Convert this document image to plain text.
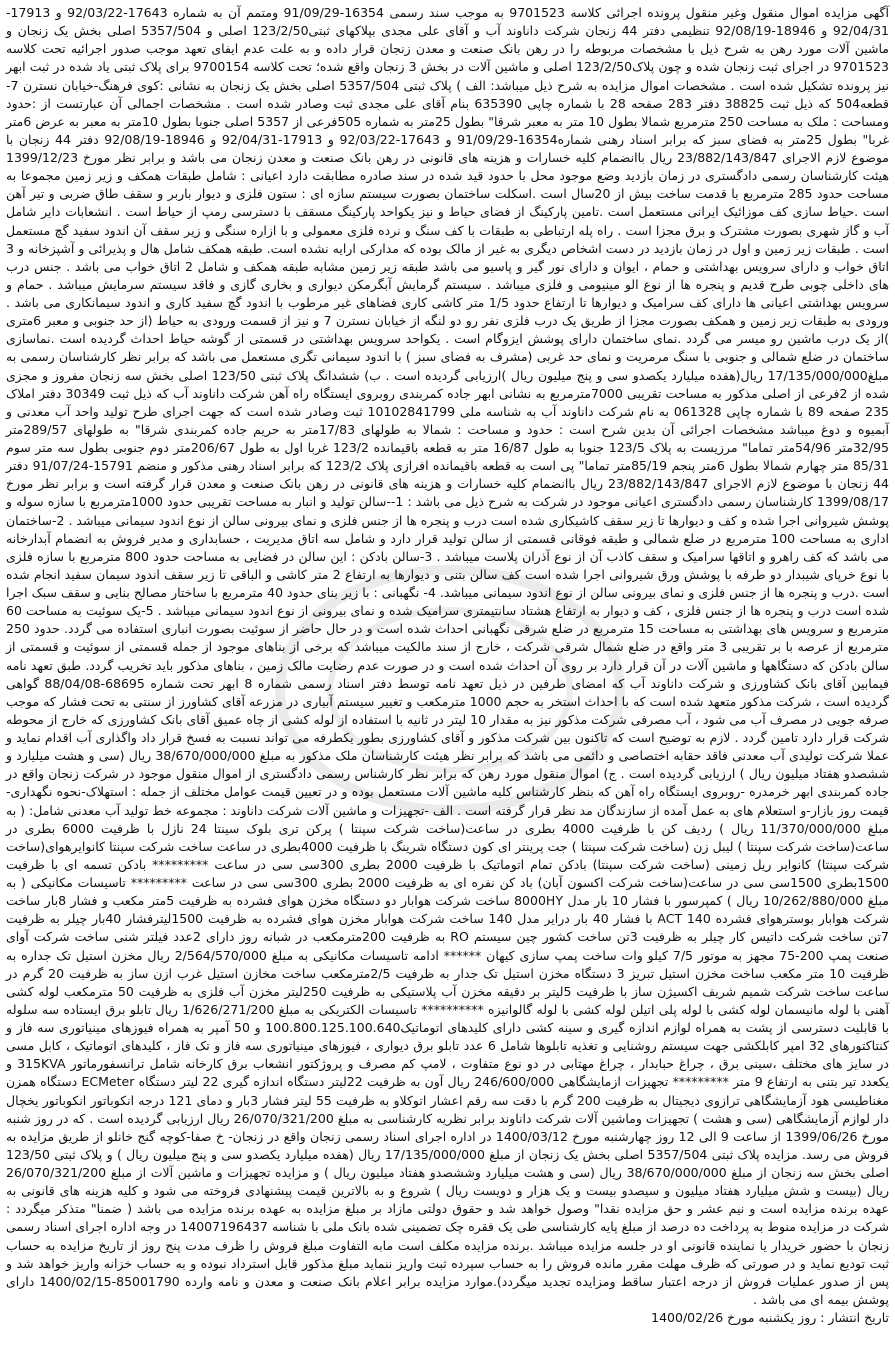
آگهی مزایده اموال منقول وغیر منقول پرونده اجرائی کلاسه 9701523 به موجب سند رسمی 16354-91/09/29 ومتمم آن به شماره 17643-92/03/22 و 17913-92/04/31 و 18946-92/08/19 تنظیمی دفتر 44 زنجان شرکت داناوند آب و آقای علی مجدی بپلاکهای ثبتی123/2/50 اصلی و 5357/504 اصلی بخش یک زنجان و ماشین آلات مورد رهن به شرح ذیل با مشخصات مربوطه را در رهن بانک صنعت و معدن زنجان قرار داده و به علت عدم ایفای تعهد موجب صدور اجرائیه تحت کلاسه 9701523 در اجرای ثبت زنجان شده و چون پلاک123/2/50 اصلی و ماشین آلات در بخش 3 زنجان واقع شده؛ تحت کلاسه 9700154 برای پلاک ثبتی یاد شده در ثبت ابهر نیز پرونده تشکیل شده است . مشخصات اموال مزایده به شرح ذیل میباشد: الف ) پلاک ثبتی 5357/504 اصلی بخش یک زنجان به نشانی :کوی فرهنگ-خیابان نسترن 7-قطعه504 که ذیل ثبت 38825 دفتر 283 صفحه 28 با شماره چاپی 635390 بنام آقای علی مجدی ثبت وصادر شده است . مشخصات اجمالی آن عبارتست از :حدود ومساحت : ملک به مساحت 250 مترمربع شمالا بطول 10 متر به معبر شرقا" بطول 25متر به شماره 505فرعی از 5357 اصلی جنوبا بطول 10متر به معبر به عرض 6متر غربا" بطول 25متر به فضای سبز که برابر اسناد رهنی شماره16354-91/09/29 و 17643-92/03/22 و 17913-92/04/31 و 18946-92/08/19 دفتر 44 زنجان با موضوع لازم الاجرای 23/882/143/847 ریال باانضمام کلیه خسارات و هزینه های قانونی در رهن بانک صنعت و معدن زنجان می باشد و برابر نظر مورخ 1399/12/23 هیئت کارشناسان رسمی دادگستری در زمان بازدید وضع موجود محل با حدود قید شده در سند صادره مطابقت دارد اعیانی : شامل طبقات همکف و زیر زمین مجموعا به مساحت حدود 285 مترمربع با قدمت ساخت بیش از 20سال است .اسکلت ساختمان بصورت سیستم سازه ای : ستون فلزی و دیوار باربر و سقف طاق ضربی و تیر آهن است .حیاط سازی کف موزائیک ایرانی مستعمل است .تامین پارکینگ از فضای حیاط و نیز یکواحد پارکینگ مسقف با دسترسی رمپ از حیاط است . انشعابات دایر شامل آب و گاز شهری بصورت مشترک و برق مجزا است . راه پله ارتباطی به طبقات با کف سنگ و نرده فلزی معمولی و با ازاره سنگی و زیر سقف آن اندود سفید گچ مستعمل است . طبقات زیر زمین و اول در زمان بازدید در دست اشخاص دیگری به غیر از مالک بوده که مدارکی ارایه نشده است. طبقه همکف شامل هال و پذیرائی و آشپزخانه و 3 اتاق خواب و دارای سرویس بهداشتی و حمام ، ایوان و دارای نور گیر و پاسیو می باشد طبقه زیر زمین مشابه طبقه همکف و شامل 2 اتاق خواب می باشد . جنس درب های داخلی چوبی طرح قدیم و پنجره ها از نوع الو مینیومی و فلزی میباشد . سیستم گرمایش آبگرمکن دیواری و بخاری گازی و فاقد سیستم سرمایش میباشد . حمام و سرویس بهداشتی اعیانی ها دارای کف سرامیک و دیوارها تا ارتفاع حدود 1/5 متر کاشی کاری فضاهای غیر مرطوب با اندود گچ سفید کاری و اندود سیمانکاری می باشد . ورودی به طبقات زیر زمین و همکف بصورت مجزا از طریق یک درب فلزی نفر رو دو لنگه از خیابان نسترن 7 و نیز از قسمت ورودی به حیاط (از حد جنوبی و معبر 6متری )از یک درب ماشین رو میسر می گردد .نمای ساختمان دارای پوشش ایزوگام است . یکواحد سرویس بهداشتی در قسمتی از گوشه حیاط احداث گردیده است .نماسازی ساختمان در ضلع شمالی و جنوبی با سنگ مرمریت و نمای حد غربی (مشرف به فضای سبز ) با اندود سیمانی تگری مستعمل می باشد که برابر نظر کارشناسان رسمی به مبلغ17/135/000/000 ریال(هفده میلیارد یکصدو سی و پنج میلیون ریال )ارزیابی گردیده است . ب) ششدانگ پلاک ثبتی 123/50 اصلی بخش سه زنجان مفروز و مجزی شده از 2فرعی از اصلی مذکور به مساحت تقریبی 7000مترمربع به نشانی ابهر جاده کمربندی روبروی ایستگاه راه آهن شرکت داناوند آب که ذیل ثبت 30349 دفتر املاک 235 صفحه 89 با شماره چاپی 061328 به نام شرکت داناوند آب به شناسه ملی 10102841799 ثبت وصادر شده است که جهت اجرای طرح تولید واحد آب معدنی و آبمیوه و دوغ میباشد مشخصات اجرائی آن بدین شرح است : حدود و مساحت : شمالا به طولهای 17/83متر به حریم جاده کمربندی شرقا" به طولهای 289/57متر 32/95متر 54/96متر تماما" مرزیست به پلاک 123/5 جنوبا به طول 16/87 متر به قطعه باقیمانده 123/2 غربا اول به طول 206/67متر دوم جنوبی بطول سه متر سوم 85/31 متر چهارم شمالا بطول 6متر پنجم 85/19متر تماما" پی است به قطعه باقیمانده افرازی پلاک 123/2 که برابر اسناد رهنی مذکور و منضم 15791-91/07/24 دفتر 44 زنجان با موضوع لازم الاجرای 23/882/143/847 ریال باانضمام کلیه خسارات و هزینه های قانونی در رهن بانک صنعت و معدن قرار گرفته است و برابر نظر مورخ 1399/08/17 کارشناسان رسمی دادگستری اعیانی موجود در شرکت به شرح ذیل می باشد : 1--سالن تولید و انبار به مساحت تقریبی حدود 1000مترمربع با سازه سوله و پوشش شیروانی اجرا شده و کف و دیوارها تا زیر سقف کاشیکاری شده است درب و پنجره ها از جنس فلزی و نمای بیرونی سالن از نوع اندود سیمانی میباشد . 2-ساختمان اداری به مساحت 100 مترمربع در ضلع شمالی و طبقه فوقانی قسمتی از سالن تولید قرار دارد و شامل سه اتاق مدیریت ، حسابداری و مدیر فروش به انضمام آبدارخانه می باشد که کف راهرو و اتاقها سرامیک و سقف کاذب آن از نوع آذران پلاست میباشد . 3-سالن بادکن : این سالن در فضایی به مساحت حدود 800 مترمربع با سازه فلزی با نوع خرپای شیبدار دو طرفه با پوشش ورق شیروانی اجرا شده است کف سالن بتنی و دیوارها به ارتفاع 2 متر کاشی و الباقی تا زیر سقف اندود سیمان سفید انجام شده است .درب و پنجره ها از جنس فلزی و نمای بیرونی سالن از نوع اندود سیمانی میباشد. 4- نگهبانی : با زیر بنای حدود 40 مترمربع با ساختار مصالح بنایی و سقف سبک اجرا شده است درب و پنجره ها از جنس فلزی ، کف و دیوار به ارتفاع هشتاد سانتیمتری سرامیک شده و نمای بیرونی از نوع اندود سیمانی میباشد . 5-یک سوئیت به مساحت 60 مترمربع و سرویس های بهداشتی به مساحت 15 مترمربع در ضلع شرقی نگهبانی احداث شده است و در حال حاضر از سوئیت بصورت انباری استفاده می گردد. حدود 250 مترمربع از عرصه با بر تقریبی 3 متر واقع در ضلع شمال شرقی شرکت ، خارج از سند مالکیت میباشد که برخی از بناهای موجود از جمله قسمتی از سوئیت و قسمتی از سالن بادکن که دستگاهها و ماشین آلات در آن قرار دارد بر روی آن احداث شده است و در صورت عدم رضایت مالک زمین ، بناهای مذکور باید تخریب گردد. طبق تعهد نامه فیمابین آقای بانک کشاورزی و شرکت داناوند آب که امضای طرفین در ذیل تعهد نامه توسط دفتر اسناد رسمی شماره 8 ابهر تحت شماره 68695-88/04/08 گواهی گردیده است ، شرکت مذکور متعهد شده است که با احداث استخر به حجم 1000 مترمکعب و تغییر سیستم آبیاری در مزرعه آقای کشاورز از سنتی به تحت فشار که موجب صرفه جویی در مصرف آب می شود ، آب مصرفی شرکت مذکور نیز به مقدار 10 لیتر در ثانیه با استفاده از لوله کشی از چاه عمیق آقای بانک کشاورزی که خارج از محوطه شرکت قرار دارد تامین گردد . لازم به توضیح است که تاکنون بین شرکت مذکور و آقای کشاورزی بطور یکطرفه می تواند نسبت به فسخ قرار داد واگذاری آب اقدام نماید و عملا شرکت تولیدی آب معدنی فاقد حقابه اختصاصی و دائمی می باشد که برابر نظر هیئت کارشناسان ملک مذکور به مبلغ 38/670/000/000 ریال (سی و هشت میلیارد و ششصدو هفتاد میلیون ریال ) ارزیابی گردیده است . ج) اموال منقول مورد رهن که برابر نظر کارشناس رسمی دادگستری از اموال منقول موجود در شرکت زنجان واقع در جاده کمربندی ابهر خرمدره -روبروی ایستگاه راه آهن که بنظر کارشناس کلیه ماشین آلات مستعمل بوده و در تعیین قیمت عوامل مختلف از جمله : استهلاک-نحوه نگهداری-قیمت روز بازار-و استعلام های به عمل آمده از سازندگان مد نظر قرار گرفته است . الف -تجهیزات و ماشین آلات شرکت داناوند : مجموعه خط تولید آب معدنی شامل: ( به مبلغ 11/370/000/000 ریال ) ردیف کن با ظرفیت 4000 بطری در ساعت(ساخت شرکت سپنتا ) پرکن تری بلوک سینتا 24 نازل با ظرفیت 6000 بطری در ساعت(ساخت شرکت سپنتا ) لیبل زن (ساخت شرکت سپنتا ) جت پرینتر ای کون دستگاه شرینگ با ظرفیت 4000بطری در ساعت ساخت شرکت سپنتا کانوایرهوای(ساخت شرکت سپنتا) کانوایر ریل زمینی (ساخت شرکت سپنتا) بادکن تمام اتوماتیک با ظرفیت 2000 بطری 300سی سی در ساعت ********* بادکن تسمه ای با ظرفیت 1500بطری 1500سی سی در ساعت(ساخت شرکت اکسون آبان) باد کن نفره ای به ظرفیت 2000 بطری 300سی سی در ساعت ********* تاسیسات مکانیکی ( به مبلغ 10/262/880/000 ریال ) کمپرسور با فشار 10 بار مدل 8000HY ساخت شرکت هوابار دو دستگاه مخزن هوای فشرده به ظرفیت 5متر مکعب و فشار 8بار ساخت شرکت هوابار بوسترهوای فشرده ACT 140 با فشار 40 بار درایر مدل 140 ساخت شرکت هوابار مخزن هوای فشرده به ظرفیت 1500لیترفشار 40بار چیلر به ظرفیت 7تن ساخت شرکت داتیس کار چیلر به ظرفیت 3تن ساخت کشور چین سیستم RO به ظرفیت 200مترمکعب در شبانه روز دارای 2عدد فیلتر شنی ساخت شرکت آوای صنعت پمپ 200-75 مجهز به موتور 7/5 کیلو وات ساخت پمپ سازی کیهان ****** ادامه تاسیسات مکانیکی به مبلغ 2/564/570/000 ریال مخزن استیل تک جداره به ظرفیت 10 متر مکعب ساخت مخزن استیل تبریز 3 دستگاه مخزن استیل تک جدار به ظرفیت 2/5مترمکعب ساخت مخازن استیل غرب ازن ساز به ظرفیت 20 گرم در ساعت ساخت شرکت شمیم شریف اکسیژن ساز با ظرفیت 5لیتر بر دقیقه مخزن آب پلاستیکی به ظرفیت 250لیتر مخزن آب فلزی به ظرفیت 50 مترمکعب لوله کشی آهنی با لوله مانیسمان لوله کشی با لوله پلی اتیلن لوله کشی با لوله گالوانیزه ********** تاسیسات الکتریکی به مبلغ 1/626/271/200 ریال تابلو برق ایستاده سه سلوله با قابلیت دسترسی از پشت به همراه لوازم اندازه گیری و سینه کشی دارای کلیدهای اتوماتیک100.800.125.100.640 و 50 آمپر به همراه فیوزهای مینیاتوری سه فاز و کنتاکتورهای 32 امپر کابلکشی جهت سیستم روشنایی و تغذیه تابلوها شامل 6 عدد تابلو برق دیواری ، فیوزهای مینیاتوری سه فاز و تک فاز ، کلیدهای اتوماتیک ، کابل مسی در سایز های مختلف ،سینی برق ، چراغ حبابدار ، چراغ مهتابی در دو نوع متفاوت ، لامپ کم مصرف و پروژکتور انشعاب برق کارخانه شامل ترانسفورماتور 315KVA و یکعدد تیر بتنی به ارتفاع 9 متر ********* تجهیزات ازمایشگاهی 246/600/000 ریال آون به ظرفیت 22لیتر دستگاه اندازه گیری 22 لیتر دستگاه ECMeter دستگاه همزن مغناطیسی هود آزمایشگاهی ترازوی دیجیتال به ظرفیت 200 گرم با دقت سه رقم اعشار اتوکلاو به ظرفیت 55 لیتر فشار 3بار و دمای 121 درجه انکوباتور انکوباتور یخچال دار لوازم آزمایشگاهی (سی و هشت ) تجهیزات وماشین آلات شرکت داناوند برابر نظریه کارشناسی به مبلغ 26/070/321/200 ریال ارزیابی گردیده است . که در روز شنبه مورخ 1399/06/26 از ساعت 9 الی 12 روز چهارشنبه مورخ 1400/03/12 در اداره اجرای اسناد رسمی زنجان واقع در زنجان- خ صفا-کوچه گنج خانلو از طریق مزایده به فروش می رسد. مزایده پلاک ثبتی 5357/504 اصلی بخش یک زنجان از مبلغ 17/135/000/000 ریال (هفده میلیارد یکصدو سی و پنج میلیون ریال ) و پلاک ثبتی 123/50 اصلی بخش سه زنجان از مبلغ 38/670/000/000 ریال (سی و هشت میلیارد وششصدو هفتاد میلیون ریال ) و مزایده تجهیزات و ماشین آلات از مبلغ 26/070/321/200 ریال (بیست و شش میلیارد هفتاد میلیون و سیصدو بیست و یک هزار و دویست ریال ) شروع و به بالاترین قیمت پیشنهادی فروخته می شود و کلیه هزینه های قانونی به عهده برنده مزایده است و نیم عشر و حق مزایده نقدا" وصول خواهد شد و حقوق دولتی مازاد بر مبلغ مزایده به عهده برنده مزایده می باشد ( ضمنا" متذکر میگردد : شرکت در مزایده منوط به پرداخت ده درصد از مبلغ پایه کارشناسی طی یک فقره چک تضمینی شده بانک ملی با شناسه 14007196437 در وجه اداره اجرای اسناد رسمی زنجان با حضور خریدار یا نماینده قانونی او در جلسه مزایده میباشد .برنده مزایده مکلف است مابه التفاوت مبلغ فروش را ظرف مدت پنج روز از تاریخ مزایده به حساب ثبت تودیع نماید و در صورتی که ظرف مهلت مقرر مانده فروش را به حساب سپرده ثبت واریز ننماید مبلغ مذکور قابل استرداد نبوده و به حساب خزانه واریز خواهد شد و پس از صدور عملیات فروش از درجه اعتبار ساقط ومزایده تجدید میگردد).موارد مزایده برابر اعلام بانک صنعت و معدن و نامه وارده 85001790-1400/02/15 دارای پوشش بیمه ای می باشد .

تاریخ انتشار : روز یکشنبه مورخ 1400/02/26
